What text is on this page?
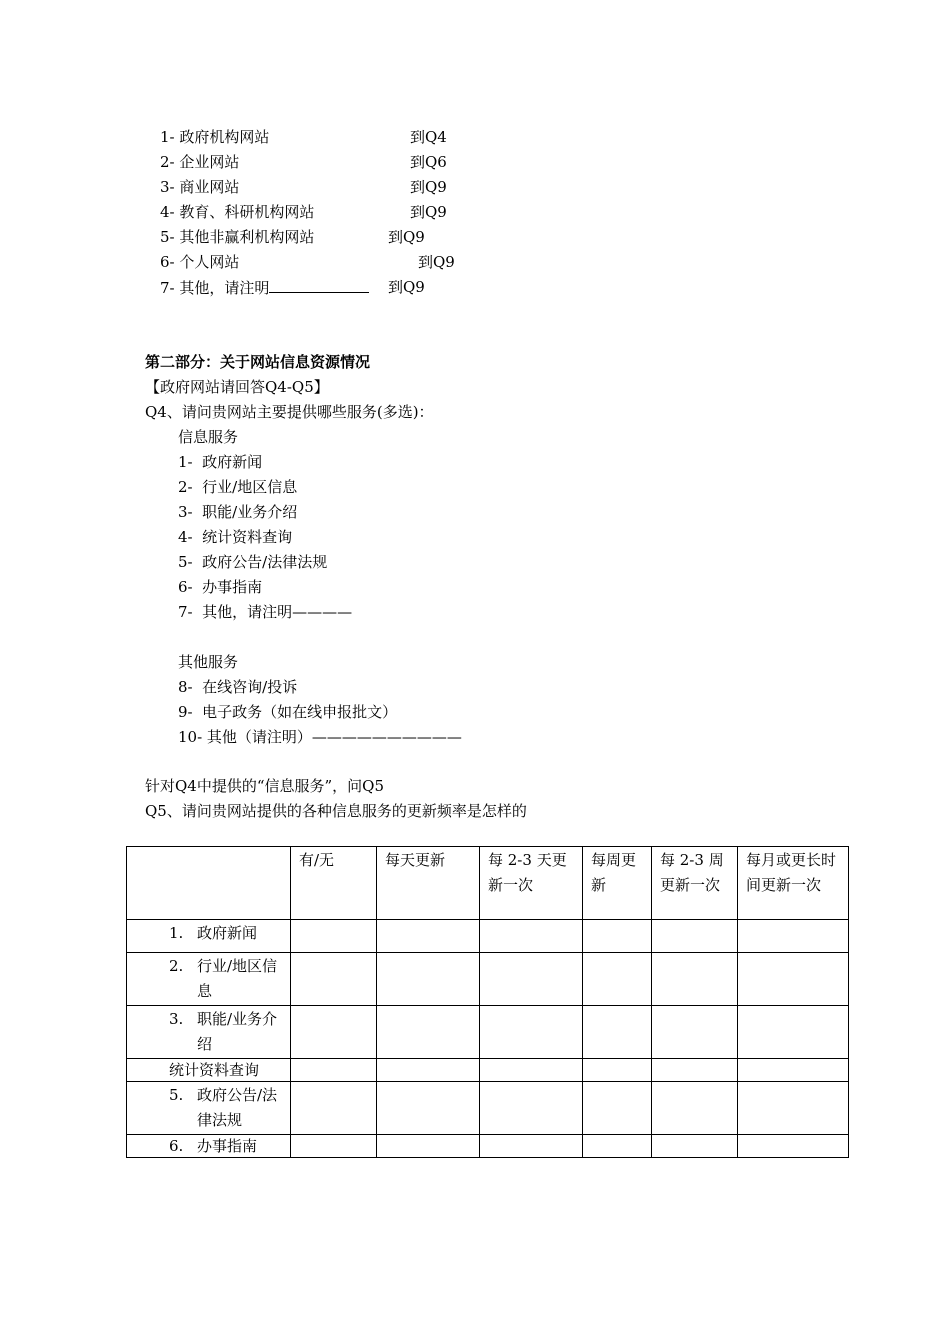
1- 政府机构网站	到Q4
2- 企业网站	到Q6
3- 商业网站	到Q9
4- 教育、科研机构网站	到Q9
5- 其他非赢利机构网站	到Q9
6- 个人网站	到Q9
7- 其他，请注明	到Q9
第二部分：关于网站信息资源情况
【政府网站请回答Q4-Q5】
Q4、请问贵网站主要提供哪些服务(多选)：
信息服务
1-  政府新闻
2-  行业/地区信息
3-  职能/业务介绍
4-  统计资料查询
5-  政府公告/法律法规
6-  办事指南
7-  其他，请注明————
其他服务
8-  在线咨询/投诉
9-  电子政务（如在线申报批文）
10- 其他（请注明）——————————
针对Q4中提供的“信息服务”，问Q5
Q5、请问贵网站提供的各种信息服务的更新频率是怎样的
	有/无	每天更新	每 2-3 天更新一次	每周更新	每 2-3 周更新一次	每月或更长时间更新一次
1. 政府新闻						
2. 行业/地区信息						
3. 职能/业务介绍						
统计资料查询						
5. 政府公告/法律法规						
6. 办事指南						
